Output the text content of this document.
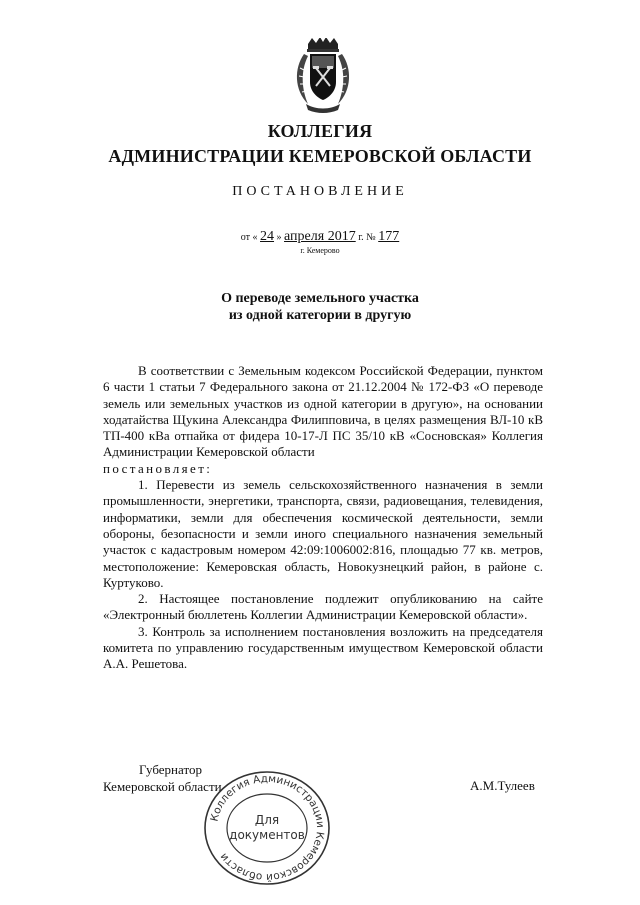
КОЛЛЕГИЯ
АДМИНИСТРАЦИИ КЕМЕРОВСКОЙ ОБЛАСТИ
ПОСТАНОВЛЕНИЕ
от « 24 » апреля 2017 г. № 177
г. Кемерово
О переводе земельного участка
из одной категории в другую

В соответствии с Земельным кодексом Российской Федерации, пунктом 6 части 1 статьи 7 Федерального закона от 21.12.2004 № 172-ФЗ «О переводе земель или земельных участков из одной категории в другую», на основании ходатайства Щукина Александра Филипповича, в целях размещения ВЛ-10 кВ ТП-400 кВа отпайка от фидера 10-17-Л ПС 35/10 кВ «Сосновская» Коллегия Администрации Кемеровской области

постановляет:

1. Перевести из земель сельскохозяйственного назначения в земли промышленности, энергетики, транспорта, связи, радиовещания, телевидения, информатики, земли для обеспечения космической деятельности, земли обороны, безопасности и земли иного специального назначения земельный участок с кадастровым номером 42:09:1006002:816, площадью 77 кв. метров, местоположение: Кемеровская область, Новокузнецкий район, в районе с. Куртуково.

2. Настоящее постановление подлежит опубликованию на сайте «Электронный бюллетень Коллегии Администрации Кемеровской области».

3. Контроль за исполнением постановления возложить на председателя комитета по управлению государственным имуществом Кемеровской области А.А. Решетова.

Губернатор
Кемеровской области
Коллегия Администрации Кемеровской области
Для
документов
А.М.Тулеев
